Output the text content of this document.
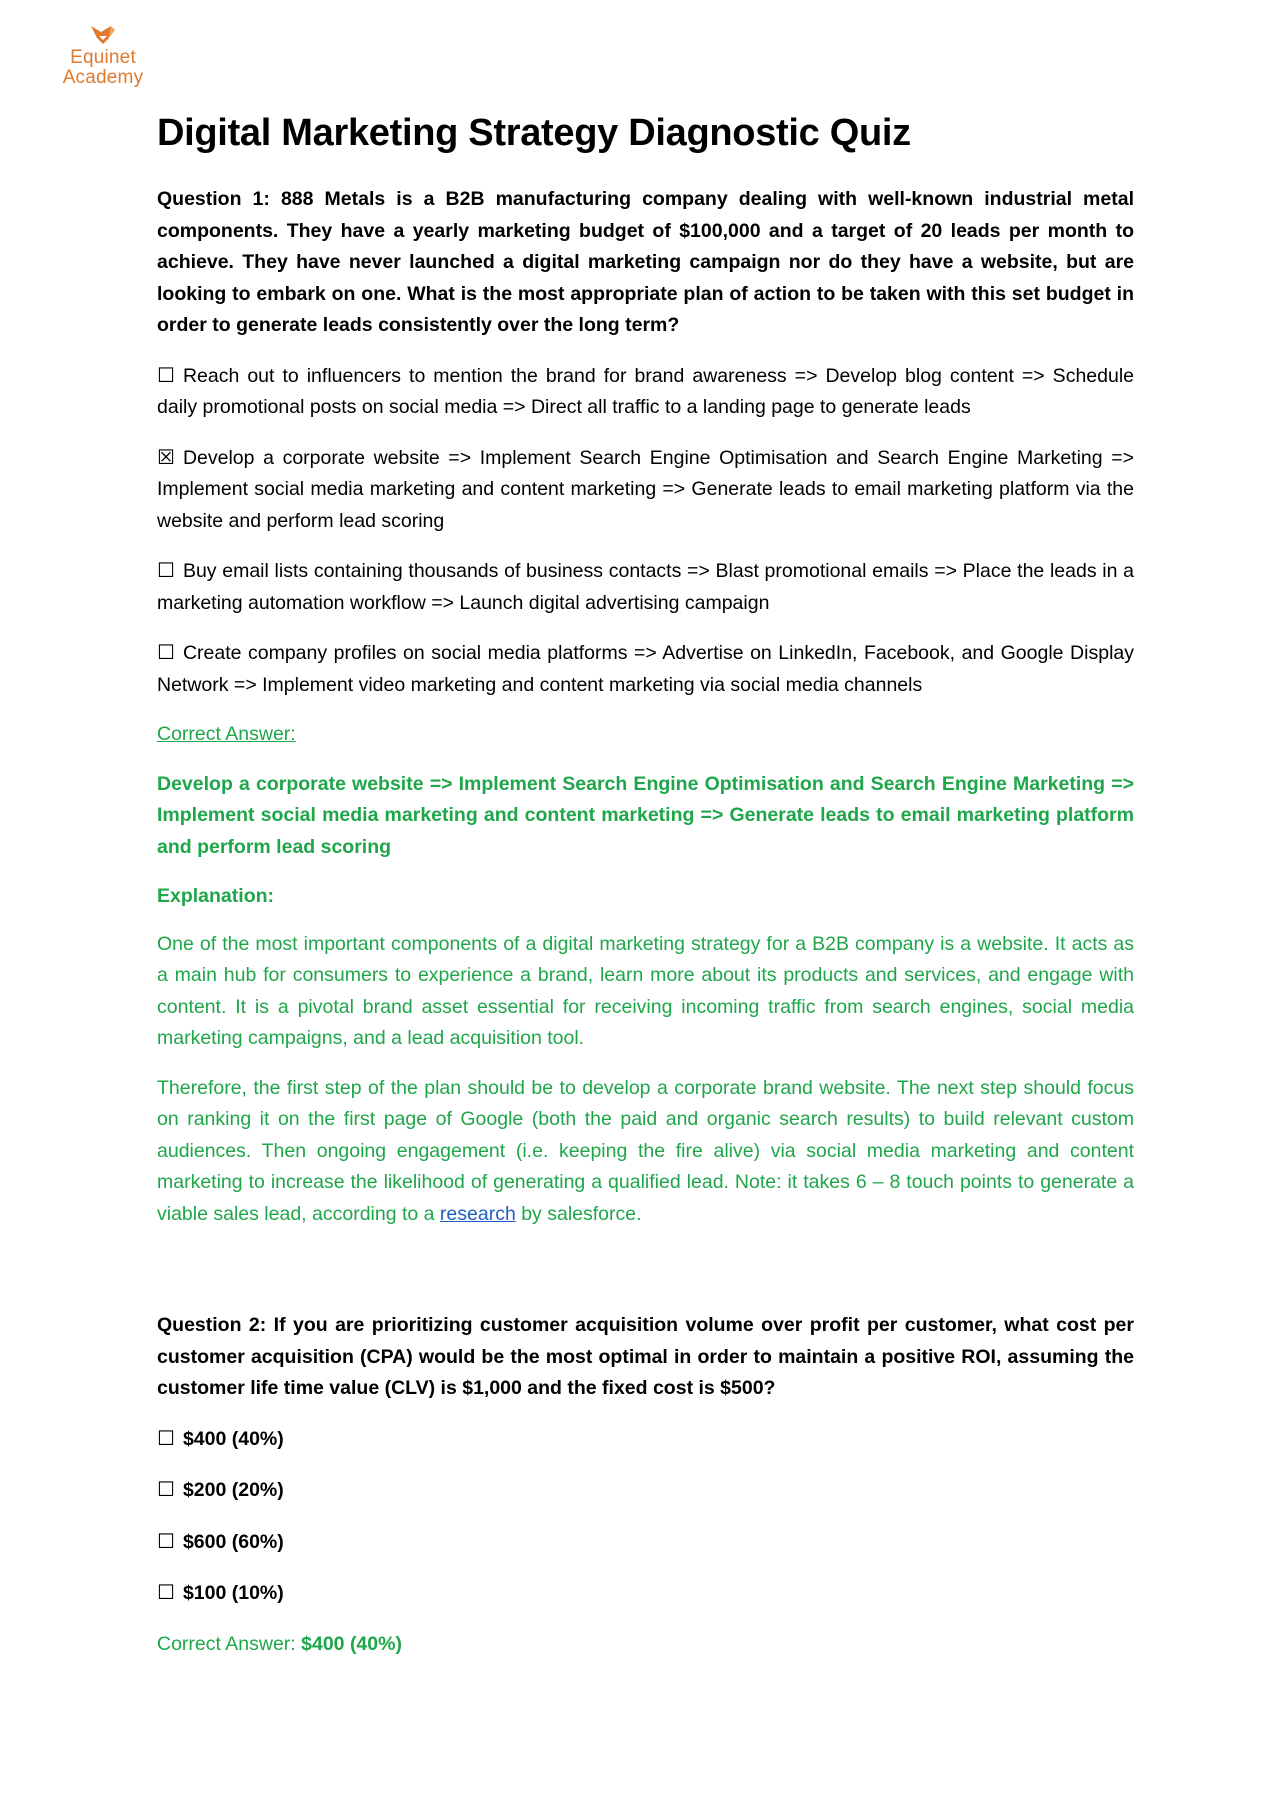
Equinet
Academy
Digital Marketing Strategy Diagnostic Quiz

Question 1: 888 Metals is a B2B manufacturing company dealing with well-known industrial metal components. They have a yearly marketing budget of $100,000 and a target of 20 leads per month to achieve. They have never launched a digital marketing campaign nor do they have a website, but are looking to embark on one. What is the most appropriate plan of action to be taken with this set budget in order to generate leads consistently over the long term?

☐ Reach out to influencers to mention the brand for brand awareness => Develop blog content => Schedule daily promotional posts on social media => Direct all traffic to a landing page to generate leads

☒ Develop a corporate website => Implement Search Engine Optimisation and Search Engine Marketing => Implement social media marketing and content marketing => Generate leads to email marketing platform via the website and perform lead scoring

☐ Buy email lists containing thousands of business contacts => Blast promotional emails => Place the leads in a marketing automation workflow => Launch digital advertising campaign

☐ Create company profiles on social media platforms => Advertise on LinkedIn, Facebook, and Google Display Network => Implement video marketing and content marketing via social media channels

Correct Answer:

Develop a corporate website => Implement Search Engine Optimisation and Search Engine Marketing => Implement social media marketing and content marketing => Generate leads to email marketing platform and perform lead scoring

Explanation:

One of the most important components of a digital marketing strategy for a B2B company is a website. It acts as a main hub for consumers to experience a brand, learn more about its products and services, and engage with content. It is a pivotal brand asset essential for receiving incoming traffic from search engines, social media marketing campaigns, and a lead acquisition tool.

Therefore, the first step of the plan should be to develop a corporate brand website. The next step should focus on ranking it on the first page of Google (both the paid and organic search results) to build relevant custom audiences. Then ongoing engagement (i.e. keeping the fire alive) via social media marketing and content marketing to increase the likelihood of generating a qualified lead. Note: it takes 6 – 8 touch points to generate a viable sales lead, according to a research by salesforce.

Question 2: If you are prioritizing customer acquisition volume over profit per customer, what cost per customer acquisition (CPA) would be the most optimal in order to maintain a positive ROI, assuming the customer life time value (CLV) is $1,000 and the fixed cost is $500?

☐ $400 (40%)

☐ $200 (20%)

☐ $600 (60%)

☐ $100 (10%)

Correct Answer: $400 (40%)
